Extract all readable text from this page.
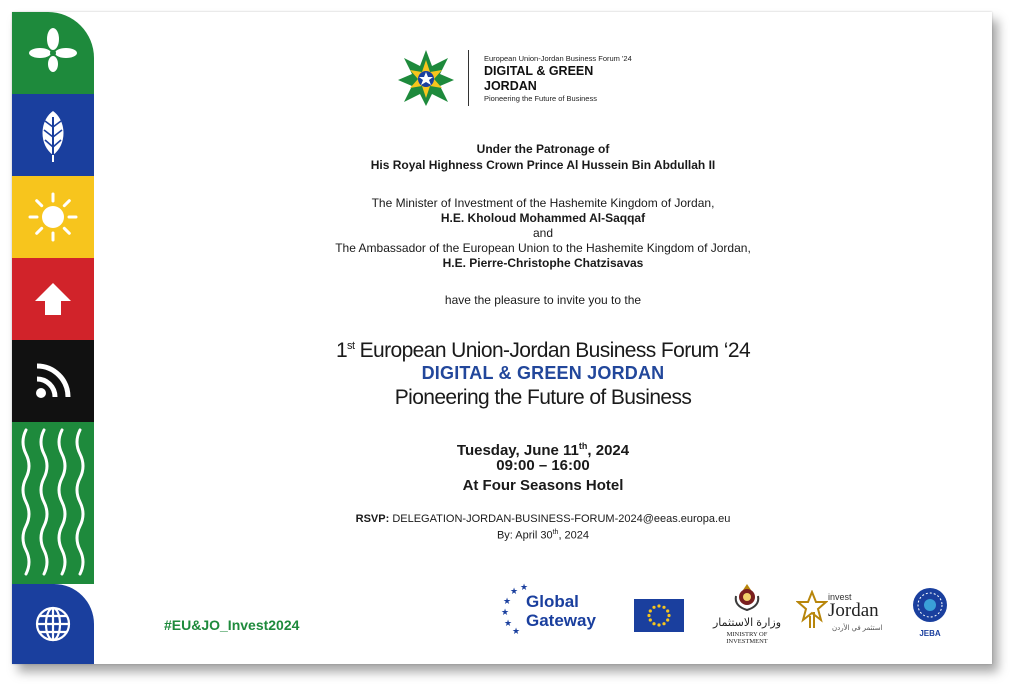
European Union-Jordan Business Forum '24
DIGITAL & GREEN
JORDAN
Pioneering the Future of Business
Under the Patronage of
His Royal Highness Crown Prince Al Hussein Bin Abdullah II
The Minister of Investment of the Hashemite Kingdom of Jordan,
H.E. Kholoud Mohammed Al-Saqqaf
and
The Ambassador of the European Union to the Hashemite Kingdom of Jordan,
H.E. Pierre-Christophe Chatzisavas
have the pleasure to invite you to the
1st European Union-Jordan Business Forum ‘24
DIGITAL & GREEN JORDAN
Pioneering the Future of Business
Tuesday, June 11th, 2024
09:00 – 16:00
At Four Seasons Hotel
RSVP: DELEGATION-JORDAN-BUSINESS-FORUM-2024@eeas.europa.eu
By: April 30th, 2024
#EU&JO_Invest2024
★
★
★
★
★
★
Global
Gateway	وزارة الاستثمار
MINISTRY OF INVESTMENT
invest
Jordan
استثمر في الأردن
JEBA
